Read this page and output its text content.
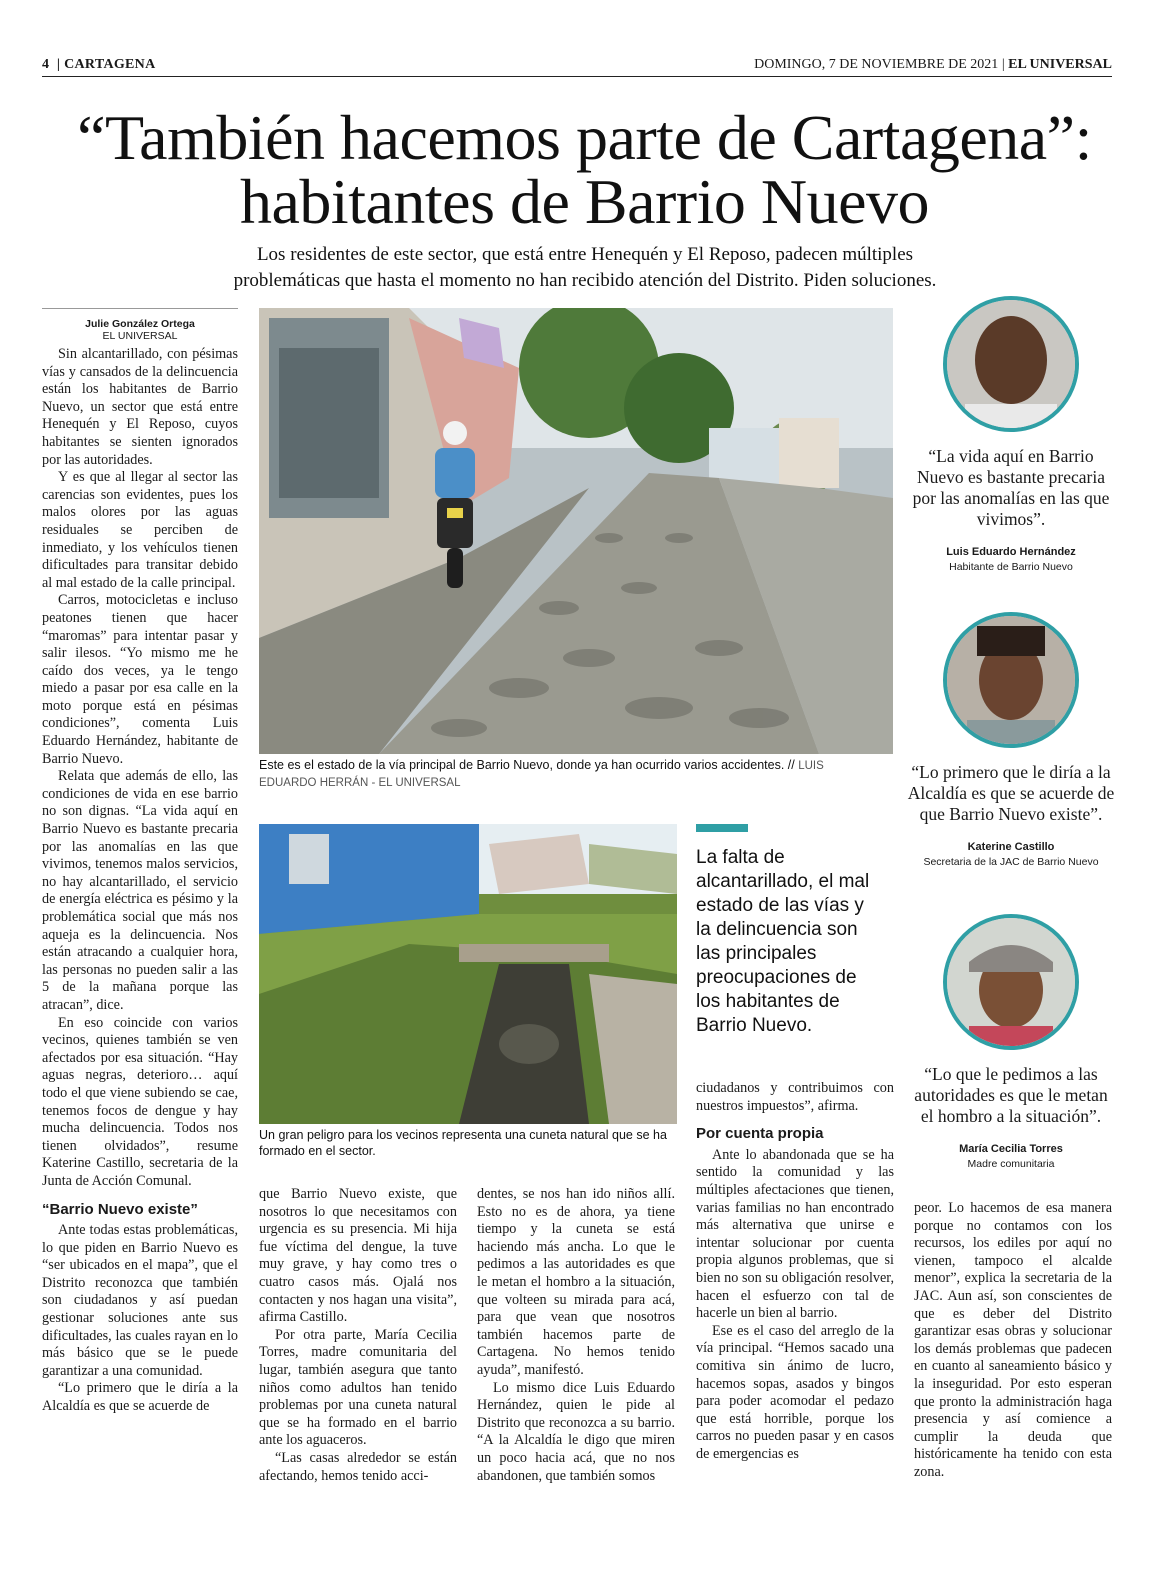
4  | CARTAGENA	DOMINGO, 7 DE NOVIEMBRE DE 2021 | EL UNIVERSAL
“También hacemos parte de Cartagena”:
habitantes de Barrio Nuevo
Los residentes de este sector, que está entre Henequén y El Reposo, padecen múltiples
problemáticas que hasta el momento no han recibido atención del Distrito. Piden soluciones.
Julie González Ortega
EL UNIVERSAL

Sin alcantarillado, con pésimas vías y cansados de la delincuencia están los habitantes de Barrio Nuevo, un sector que está entre Henequén y El Reposo, cuyos habitantes se sienten ignorados por las autoridades.

Y es que al llegar al sector las carencias son evidentes, pues los malos olores por las aguas residuales se perciben de inmediato, y los vehículos tienen dificultades para transitar debido al mal estado de la calle principal.

Carros, motocicletas e incluso peatones tienen que hacer “maromas” para intentar pasar y salir ilesos. “Yo mismo me he caído dos veces, ya le tengo miedo a pasar por esa calle en la moto porque está en pésimas condiciones”, comenta Luis Eduardo Hernández, habitante de Barrio Nuevo.

Relata que además de ello, las condiciones de vida en ese barrio no son dignas. “La vida aquí en Barrio Nuevo es bastante precaria por las anomalías en las que vivimos, tenemos malos servicios, no hay alcantarillado, el servicio de energía eléctrica es pésimo y la problemática social que más nos aqueja es la delincuencia. Nos están atracando a cualquier hora, las personas no pueden salir a las 5 de la mañana porque las atracan”, dice.

En eso coincide con varios vecinos, quienes también se ven afectados por esa situación. “Hay aguas negras, deterioro… aquí todo el que viene subiendo se cae, tenemos focos de dengue y hay mucha delincuencia. Todos nos tienen olvidados”, resume Katerine Castillo, secretaria de la Junta de Acción Comunal.

“Barrio Nuevo existe”

Ante todas estas problemáticas, lo que piden en Barrio Nuevo es “ser ubicados en el mapa”, que el Distrito reconozca que también son ciudadanos y así puedan gestionar soluciones ante sus dificultades, las cuales rayan en lo más básico que se le puede garantizar a una comunidad.

“Lo primero que le diría a la Alcaldía es que se acuerde de

Este es el estado de la vía principal de Barrio Nuevo, donde ya han ocurrido varios accidentes. // LUIS EDUARDO HERRÁN - EL UNIVERSAL
Un gran peligro para los vecinos representa una cuneta natural que se ha formado en el sector.
La falta de alcantarillado, el mal estado de las vías y la delincuencia son las principales preocupaciones de los habitantes de Barrio Nuevo.

que Barrio Nuevo existe, que nosotros lo que necesitamos con urgencia es su presencia. Mi hija fue víctima del dengue, la tuve muy grave, y hay como tres o cuatro casos más. Ojalá nos contacten y nos hagan una visita”, afirma Castillo.

Por otra parte, María Cecilia Torres, madre comunitaria del lugar, también asegura que tanto niños como adultos han tenido problemas por una cuneta natural que se ha formado en el barrio ante los aguaceros.

“Las casas alrededor se están afectando, hemos tenido acci-

dentes, se nos han ido niños allí. Esto no es de ahora, ya tiene tiempo y la cuneta se está haciendo más ancha. Lo que le pedimos a las autoridades es que le metan el hombro a la situación, que volteen su mirada para acá, para que vean que nosotros también hacemos parte de Cartagena. No hemos tenido ayuda”, manifestó.

Lo mismo dice Luis Eduardo Hernández, quien le pide al Distrito que reconozca a su barrio. “A la Alcaldía le digo que miren un poco hacia acá, que no nos abandonen, que también somos

ciudadanos y contribuimos con nuestros impuestos”, afirma.

Por cuenta propia

Ante lo abandonada que se ha sentido la comunidad y las múltiples afectaciones que tienen, varias familias no han encontrado más alternativa que unirse e intentar solucionar por cuenta propia algunos problemas, que si bien no son su obligación resolver, hacen el esfuerzo con tal de hacerle un bien al barrio.

Ese es el caso del arreglo de la vía principal. “Hemos sacado una comitiva sin ánimo de lucro, hacemos sopas, asados y bingos para poder acomodar el pedazo que está horrible, porque los carros no pueden pasar y en casos de emergencias es

peor. Lo hacemos de esa manera porque no contamos con los recursos, los ediles por aquí no vienen, tampoco el alcalde menor”, explica la secretaria de la JAC. Aun así, son conscientes de que es deber del Distrito garantizar esas obras y solucionar los demás problemas que padecen en cuanto al saneamiento básico y la inseguridad. Por esto esperan que pronto la administración haga presencia y así comience a cumplir la deuda que históricamente ha tenido con esta zona.

“La vida aquí en Barrio Nuevo es bastante precaria por las anomalías en las que vivimos”.
Luis Eduardo Hernández
Habitante de Barrio Nuevo
“Lo primero que le diría a la Alcaldía es que se acuerde de que Barrio Nuevo existe”.
Katerine Castillo
Secretaria de la JAC de Barrio Nuevo
“Lo que le pedimos a las autoridades es que le metan el hombro a la situación”.
María Cecilia Torres
Madre comunitaria
